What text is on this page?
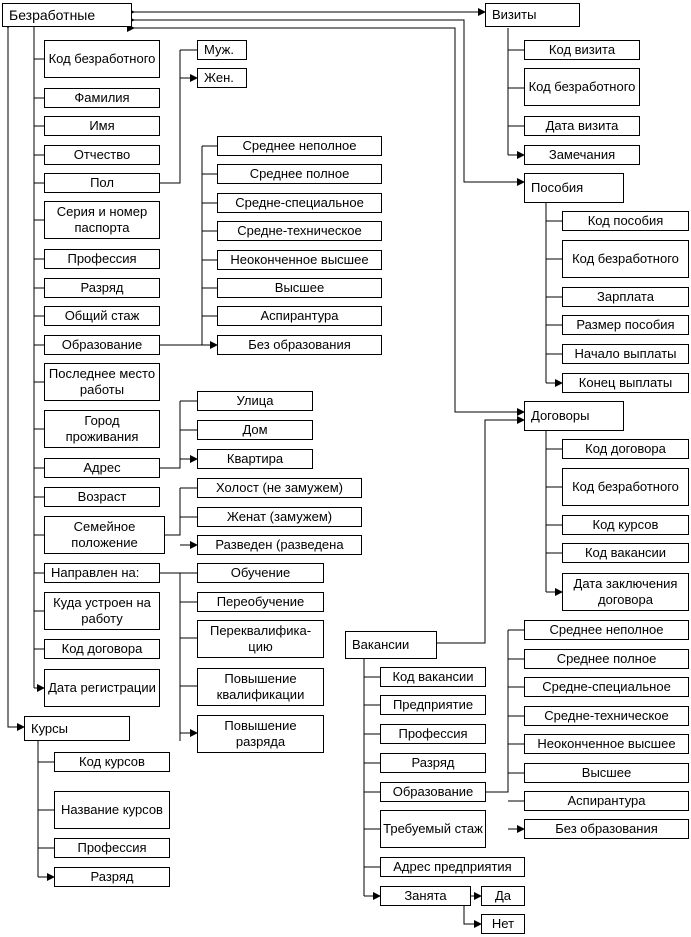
Безработные
Код безработного
Фамилия
Имя
Отчество
Пол
Серия и номер паспорта
Профессия
Разряд
Общий стаж
Образование
Последнее место работы
Город проживания
Адрес
Возраст
Семейное положение
Направлен на:
Куда устроен на работу
Код договора
Дата регистрации
Муж.
Жен.
Среднее неполное
Среднее полное
Средне-специальное
Средне-техническое
Неоконченное высшее
Высшее
Аспирантура
Без образования
Улица
Дом
Квартира
Холост (не замужем)
Женат (замужем)
Разведен (разведена
Обучение
Переобучение
Переквалифика-цию
Повышение квалификации
Повышение разряда
Визиты
Код визита
Код безработного
Дата визита
Замечания
Пособия
Код пособия
Код безработного
Зарплата
Размер пособия
Начало выплаты
Конец выплаты
Договоры
Код договора
Код безработного
Код курсов
Код вакансии
Дата заключения договора
Курсы
Код курсов
Название курсов
Профессия
Разряд
Вакансии
Код вакансии
Предприятие
Профессия
Разряд
Образование
Требуемый стаж
Адрес предприятия
Занята
Среднее неполное
Среднее полное
Средне-специальное
Средне-техническое
Неоконченное высшее
Высшее
Аспирантура
Без образования
Да
Нет
